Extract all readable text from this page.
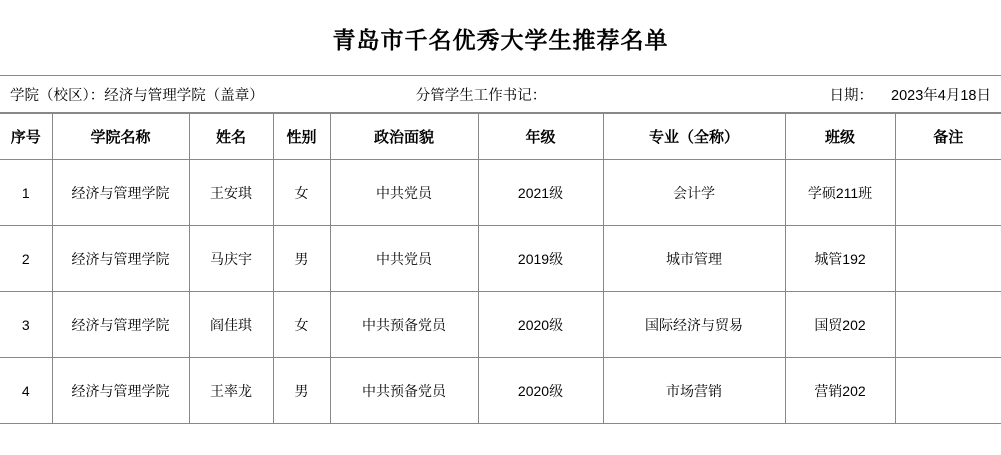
青岛市千名优秀大学生推荐名单
学院（校区）：经济与管理学院（盖章）	分管学生工作书记：	日期： 2023年4月18日
序号	学院名称	姓名	性别	政治面貌	年级	专业（全称）	班级	备注
1	经济与管理学院	王安琪	女	中共党员	2021级	会计学	学硕211班	
2	经济与管理学院	马庆宇	男	中共党员	2019级	城市管理	城管192	
3	经济与管理学院	阎佳琪	女	中共预备党员	2020级	国际经济与贸易	国贸202	
4	经济与管理学院	王率龙	男	中共预备党员	2020级	市场营销	营销202	
